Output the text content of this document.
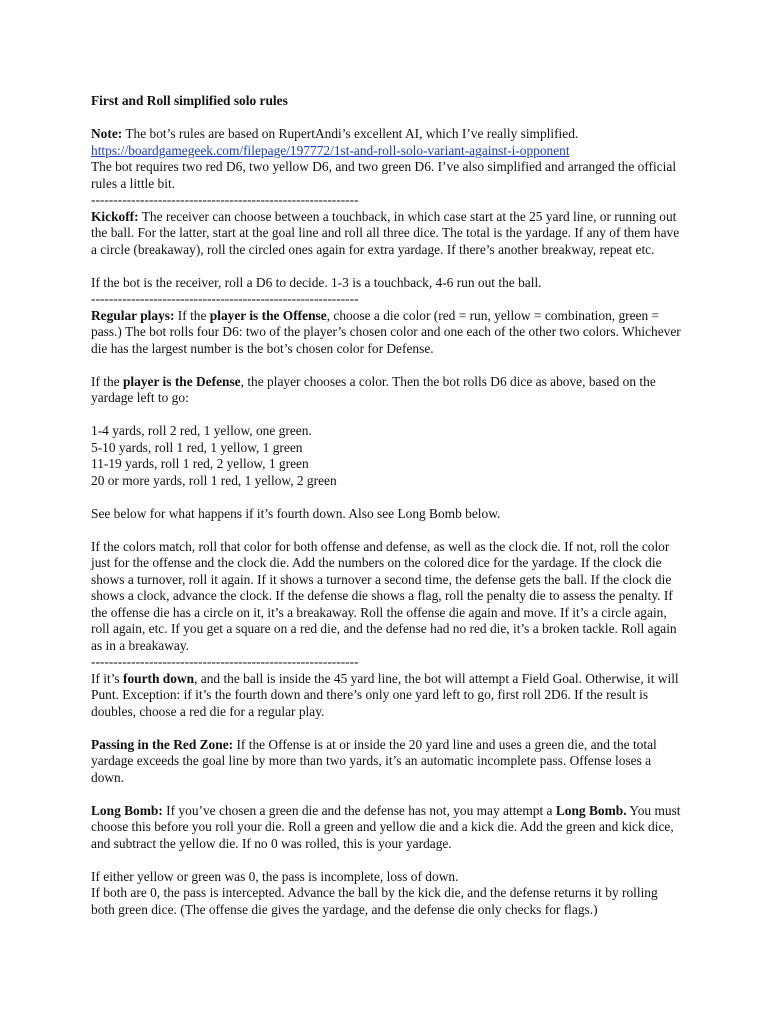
First and Roll simplified solo rules

Note: The bot’s rules are based on RupertAndi’s excellent AI, which I’ve really simplified.

https://boardgamegeek.com/filepage/197772/1st-and-roll-solo-variant-against-i-opponent

The bot requires two red D6, two yellow D6, and two green D6. I’ve also simplified and arranged the official rules a little bit.

------------------------------------------------------------

Kickoff: The receiver can choose between a touchback, in which case start at the 25 yard line, or running out the ball. For the latter, start at the goal line and roll all three dice. The total is the yardage. If any of them have a circle (breakaway), roll the circled ones again for extra yardage. If there’s another breakway, repeat etc.

If the bot is the receiver, roll a D6 to decide. 1-3 is a touchback, 4-6 run out the ball.

------------------------------------------------------------

Regular plays: If the player is the Offense, choose a die color (red = run, yellow = combination, green = pass.) The bot rolls four D6: two of the player’s chosen color and one each of the other two colors. Whichever die has the largest number is the bot’s chosen color for Defense.

If the player is the Defense, the player chooses a color. Then the bot rolls D6 dice as above, based on the yardage left to go:

1-4 yards, roll 2 red, 1 yellow, one green.

5-10 yards, roll 1 red, 1 yellow, 1 green

11-19 yards, roll 1 red, 2 yellow, 1 green

20 or more yards, roll 1 red, 1 yellow, 2 green

See below for what happens if it’s fourth down. Also see Long Bomb below.

If the colors match, roll that color for both offense and defense, as well as the clock die. If not, roll the color just for the offense and the clock die. Add the numbers on the colored dice for the yardage. If the clock die shows a turnover, roll it again. If it shows a turnover a second time, the defense gets the ball. If the clock die shows a clock, advance the clock. If the defense die shows a flag, roll the penalty die to assess the penalty. If the offense die has a circle on it, it’s a breakaway. Roll the offense die again and move. If it’s a circle again, roll again, etc. If you get a square on a red die, and the defense had no red die, it’s a broken tackle. Roll again as in a breakaway.

------------------------------------------------------------

If it’s fourth down, and the ball is inside the 45 yard line, the bot will attempt a Field Goal. Otherwise, it will Punt. Exception: if it’s the fourth down and there’s only one yard left to go, first roll 2D6. If the result is doubles, choose a red die for a regular play.

Passing in the Red Zone: If the Offense is at or inside the 20 yard line and uses a green die, and the total yardage exceeds the goal line by more than two yards, it’s an automatic incomplete pass. Offense loses a down.

Long Bomb: If you’ve chosen a green die and the defense has not, you may attempt a Long Bomb. You must choose this before you roll your die. Roll a green and yellow die and a kick die. Add the green and kick dice, and subtract the yellow die. If no 0 was rolled, this is your yardage.

If either yellow or green was 0, the pass is incomplete, loss of down.

If both are 0, the pass is intercepted. Advance the ball by the kick die, and the defense returns it by rolling both green dice. (The offense die gives the yardage, and the defense die only checks for flags.)
